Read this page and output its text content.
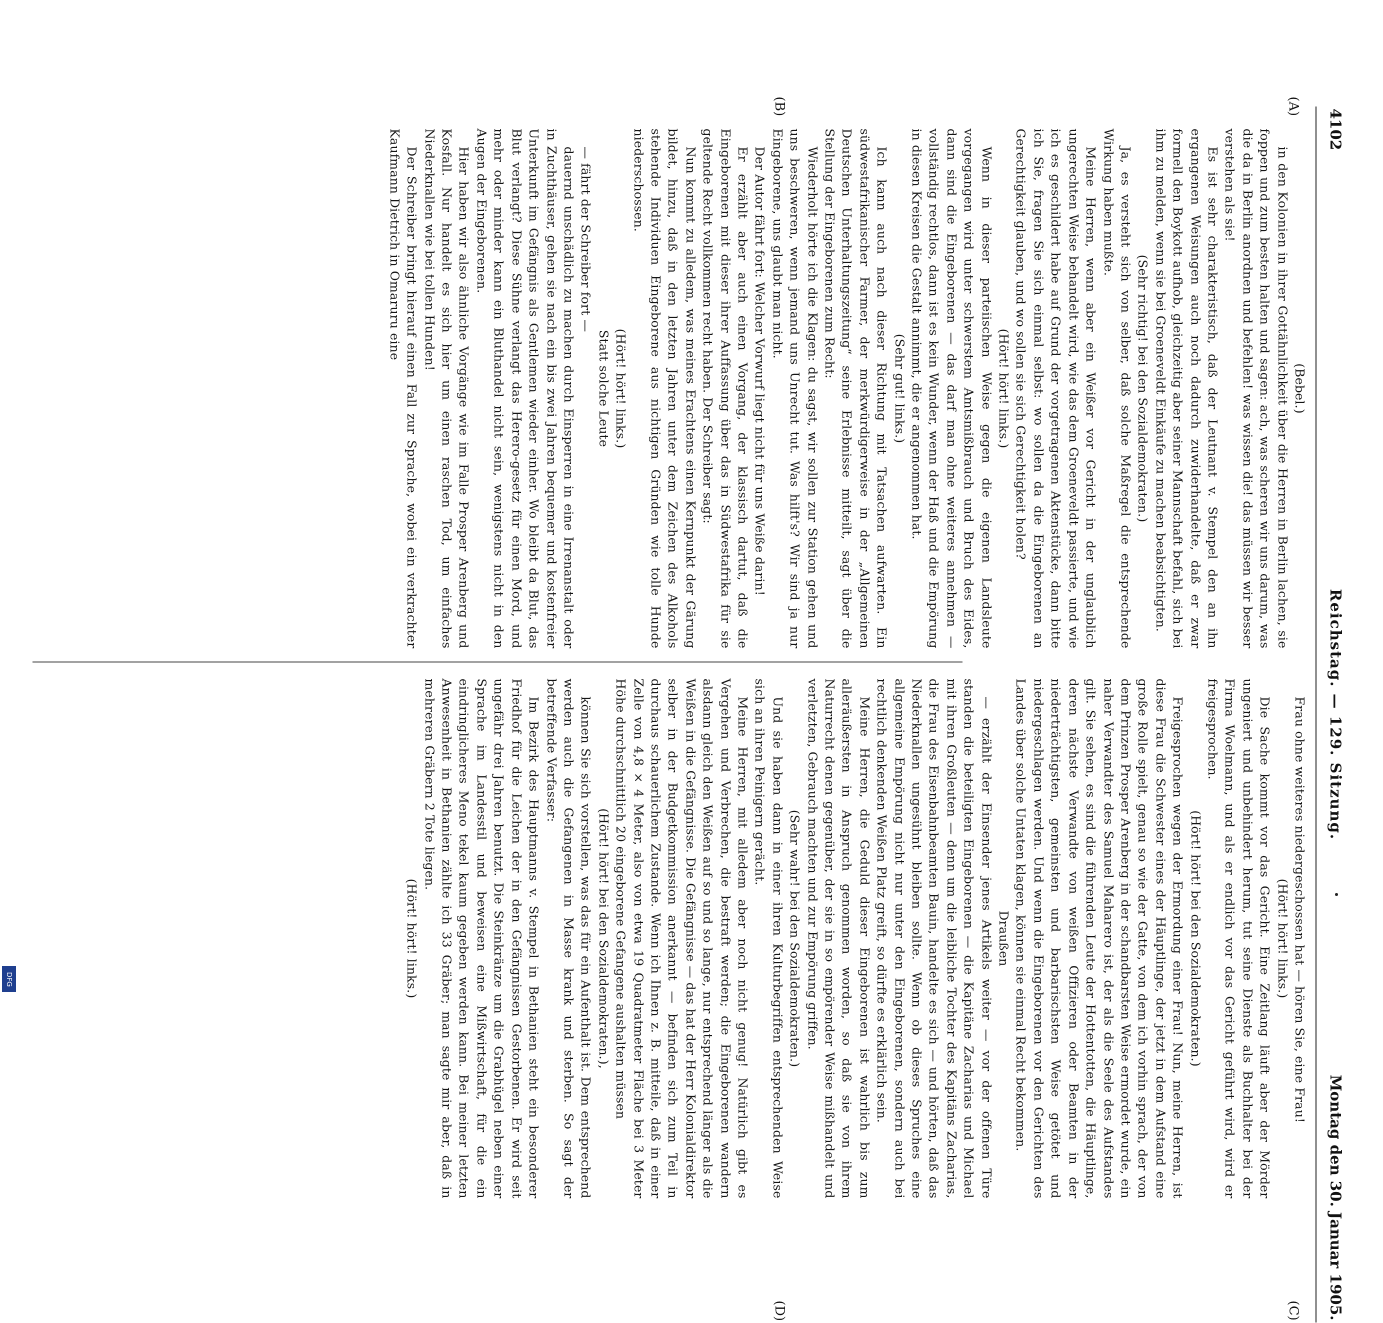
4102
Reichstag. — 129. Sitzung.
Montag den 30. Januar 1905.
(A)
(B)
(C)
(D)

(Bebel.)

in den Kolonien in ihrer Gottähnlichkeit über die Herren in Berlin lachen, sie foppen und zum besten halten und sagen: ach, was scheren wir uns darum, was die da in Berlin anordnen und befehlen! was wissen die! das müssen wir besser verstehen als sie!

Es ist sehr charakteristisch, daß der Leutnant v. Stempel den an ihn ergangenen Weisungen auch noch dadurch zuwiderhandelte, daß er zwar formell den Boykott aufhob, gleichzeitig aber seiner Mannschaft befahl, sich bei ihm zu melden, wenn sie bei Groeneveldt Einkäufe zu machen beabsichtigten.

(Sehr richtig! bei den Sozialdemokraten.)

Ja, es versteht sich von selber, daß solche Maßregel die entsprechende Wirkung haben mußte.

Meine Herren, wenn aber ein Weißer vor Gericht in der unglaublich ungerechten Weise behandelt wird, wie das dem Groeneveldt passierte, und wie ich es geschildert habe auf Grund der vorgetragenen Aktenstücke, dann bitte ich Sie, fragen Sie sich einmal selbst: wo sollen da die Eingeborenen an Gerechtigkeit glauben, und wo sollen sie sich Gerechtigkeit holen?

(Hört! hört! links.)

Wenn in dieser parteiischen Weise gegen die eigenen Landsleute vorgegangen wird unter schwerstem Amtsmißbrauch und Bruch des Eides, dann sind die Eingeborenen — das darf man ohne weiteres annehmen — vollständig rechtlos, dann ist es kein Wunder, wenn der Haß und die Empörung in diesen Kreisen die Gestalt annimmt, die er angenommen hat.

(Sehr gut! links.)

Ich kann auch nach dieser Richtung mit Tatsachen aufwarten. Ein südwestafrikanischer Farmer, der merkwürdigerweise in der „Allgemeinen Deutschen Unterhaltungszeitung“ seine Erlebnisse mitteilt, sagt über die Stellung der Eingeborenen zum Recht:

Wiederholt hörte ich die Klagen: du sagst, wir sollen zur Station gehen und uns beschweren, wenn jemand uns Unrecht tut. Was hilft's? Wir sind ja nur Eingeborene, uns glaubt man nicht.

Der Autor fährt fort: Welcher Vorwurf liegt nicht für uns Weiße darin!

Er erzählt aber auch einen Vorgang, der klassisch dartut, daß die Eingeborenen mit dieser ihrer Auffassung über das in Südwestafrika für sie geltende Recht vollkommen recht haben. Der Schreiber sagt:

Nun kommt zu alledem, was meines Erachtens einen Kernpunkt der Gärung bildet, hinzu, daß in den letzten Jahren unter dem Zeichen des Alkohols stehende Individuen Eingeborene aus nichtigen Gründen wie tolle Hunde niederschossen.

(Hört! hört! links.)

Statt solche Leute

— fährt der Schreiber fort —

dauernd unschädlich zu machen durch Einsperren in eine Irrenanstalt oder in Zuchthäuser, gehen sie nach ein bis zwei Jahren bequemer und kostenfreier Unterkunft im Gefängnis als Gentlemen wieder einher. Wo bleibt da Blut, das Blut verlangt? Diese Sühne verlangt das Herero-gesetz für einen Mord, und mehr oder minder kann ein Bluthandel nicht sein, wenigstens nicht in den Augen der Eingeborenen.

Hier haben wir also ähnliche Vorgänge wie im Falle Prosper Arenberg und Kosfall. Nur handelt es sich hier um einen raschen Tod, um einfaches Niederknallen wie bei tollen Hunden!

Der Schreiber bringt hierauf einen Fall zur Sprache, wobei ein verkrachter Kaufmann Dietrich in Omaruru eine

Frau ohne weiteres niedergeschossen hat — hören Sie, eine Frau!

(Hört! hört! links.)

Die Sache kommt vor das Gericht. Eine Zeitlang läuft aber der Mörder ungeniert und unbehindert herum, tut seine Dienste als Buchhalter bei der Firma Woelmann, und als er endlich vor das Gericht geführt wird, wird er freigesprochen.

(Hört! hört! bei den Sozialdemokraten.)

Freigesprochen wegen der Ermordung einer Frau! Nun, meine Herren, ist diese Frau die Schwester eines der Häuptlinge, der jetzt in dem Aufstand eine große Rolle spielt, genau so wie der Gatte, von dem ich vorhin sprach, der von dem Prinzen Prosper Arenberg in der schandbarsten Weise ermordet wurde, ein naher Verwandter des Samuel Maharero ist, der als die Seele des Aufstandes gilt. Sie sehen, es sind die führenden Leute der Hottentotten, die Häuptlinge, deren nächste Verwandte von weißen Offizieren oder Beamten in der niederträchtigsten, gemeinsten und barbarischsten Weise getötet und niedergeschlagen werden. Und wenn die Eingeborenen vor den Gerichten des Landes über solche Untaten klagen, können sie einmal Recht bekommen.

Draußen

— erzählt der Einsender jenes Artikels weiter — vor der offenen Türe standen die beteiligten Eingeborenen — die Kapitäne Zacharias und Michael mit ihren Großleuten — denn um die leibliche Tochter des Kapitäns Zacharias, die Frau des Eisenbahnbeamten Bauin, handelte es sich — und hörten, daß das Niederknallen ungesühnt bleiben sollte. Wenn ob dieses Spruches eine allgemeine Empörung nicht nur unter den Eingeborenen, sondern auch bei rechtlich denkenden Weißen Platz greift, so dürfte es erklärlich sein.

Meine Herren, die Geduld dieser Eingeborenen ist wahrlich bis zum alleräußersten in Anspruch genommen worden, so daß sie von ihrem Naturrecht denen gegenüber, der sie in so empörender Weise mißhandelt und verletzten, Gebrauch machten und zur Empörung griffen.

(Sehr wahr! bei den Sozialdemokraten.)

Und sie haben dann in einer ihren Kulturbegriffen entsprechenden Weise sich an ihren Peinigern gerächt.

Meine Herren, mit alledem aber noch nicht genug! Natürlich gibt es Vergehen und Verbrechen, die bestraft werden; die Eingeborenen wandern alsdann gleich den Weißen auf so und so lange, nur entsprechend länger als die Weißen in die Gefängnisse. Die Gefängnisse — das hat der Herr Kolonialdirektor selber in der Budgetkommission anerkannt — befinden sich zum Teil in durchaus schauerlichem Zustande. Wenn ich Ihnen z. B. mitteile, daß in einer Zelle von 4,8 × 4 Meter, also von etwa 19 Quadratmeter Fläche bei 3 Meter Höhe durchschnittlich 20 eingeborene Gefangene aushalten müssen

(Hört! hört! bei den Sozialdemokraten.),

können Sie sich vorstellen, was das für ein Aufenthalt ist. Dem entsprechend werden auch die Gefangenen in Masse krank und sterben. So sagt der betreffende Verfasser:

Im Bezirk des Hauptmanns v. Stempel in Bethanien steht ein besonderer Friedhof für die Leichen der in den Gefängnissen Gestorbenen. Er wird seit ungefähr drei Jahren benutzt. Die Steinkränze um die Grabhügel neben einer Sprache im Landesstil und beweisen eine Mißwirtschaft, für die ein eindringlicheres Meno tekel kaum gegeben werden kann. Bei meiner letzten Anwesenheit in Bethanien zählte ich 33 Gräber; man sagte mir aber, daß in mehreren Gräbern 2 Tote liegen.

(Hört! hört! links.)

DFG
